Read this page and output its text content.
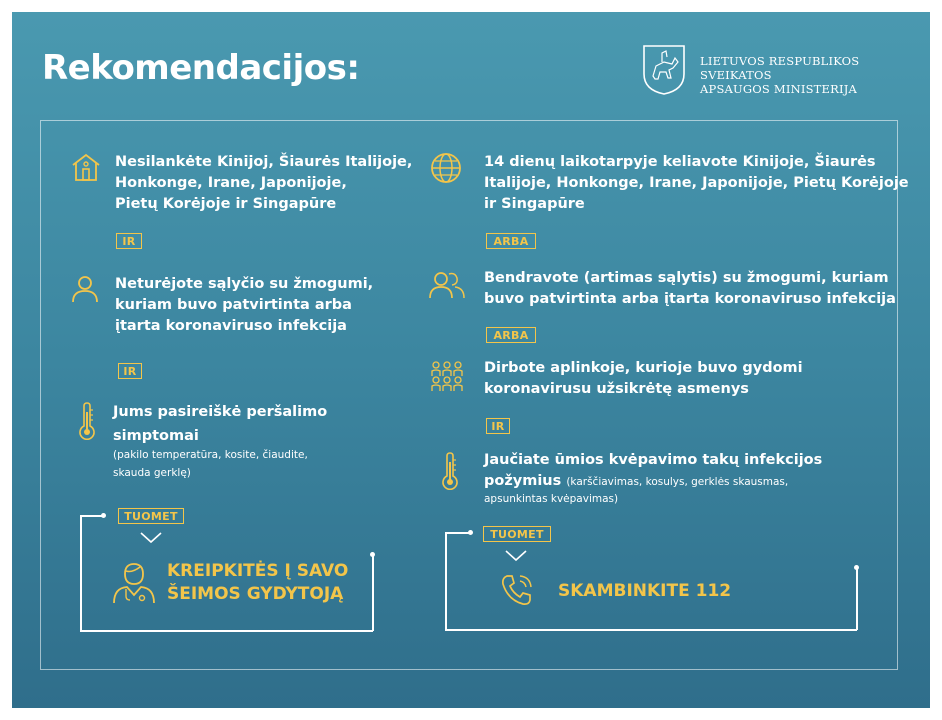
Rekomendacijos:	LIETUVOS RESPUBLIKOS SVEIKATOS
APSAUGOS MINISTERIJA
Nesilankėte Kinijoj, Šiaurės Italijoje,
Honkonge, Irane, Japonijoje,
Pietų Korėjoje ir Singapūre
IR
Neturėjote sąlyčio su žmogumi,
kuriam buvo patvirtinta arba
įtarta koronaviruso infekcija
IR
Jums pasireiškė peršalimo
simptomai
(pakilo temperatūra, kosite, čiaudite,
skauda gerklę)
TUOMET
KREIPKITĖS Į SAVO
ŠEIMOS GYDYTOJĄ
14 dienų laikotarpyje keliavote Kinijoje, Šiaurės
Italijoje, Honkonge, Irane, Japonijoje, Pietų Korėjoje
ir Singapūre
ARBA
Bendravote (artimas sąlytis) su žmogumi, kuriam
buvo patvirtinta arba įtarta koronaviruso infekcija
ARBA
Dirbote aplinkoje, kurioje buvo gydomi
koronavirusu užsikrėtę asmenys
IR
Jaučiate ūmios kvėpavimo takų infekcijos
požymius (karščiavimas, kosulys, gerklės skausmas,
apsunkintas kvėpavimas)
TUOMET
SKAMBINKITE 112
